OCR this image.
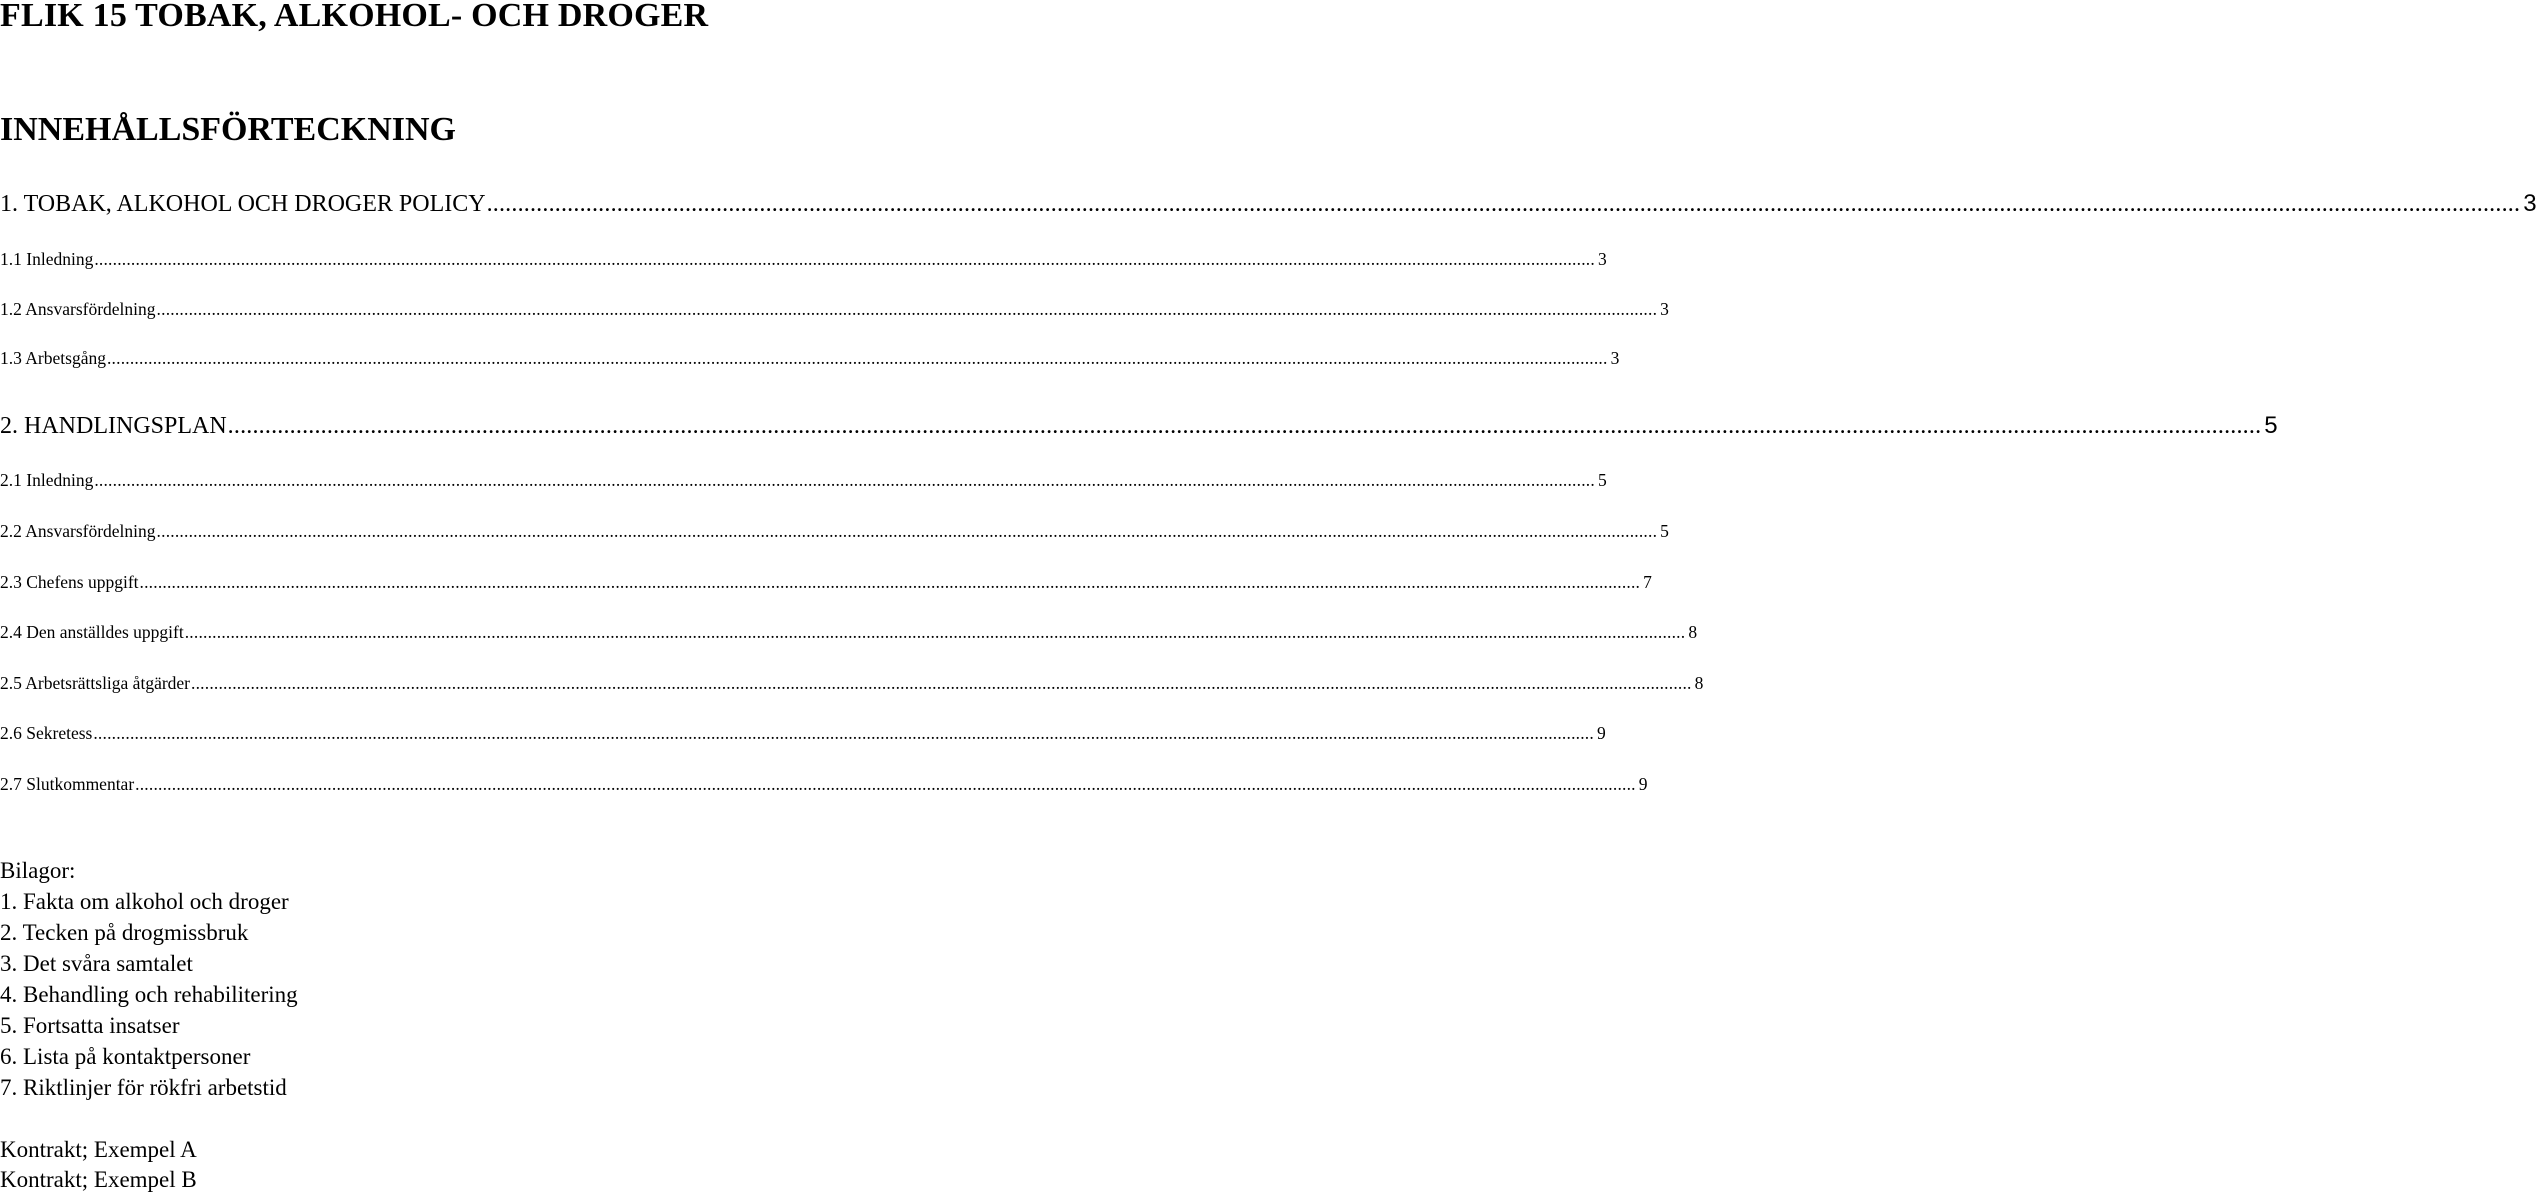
FLIK 15 TOBAK, ALKOHOL- OCH DROGER
INNEHÅLLSFÖRTECKNING
1. TOBAK, ALKOHOL OCH DROGER POLICY .....	3
1.1 Inledning .....	3
1.2 Ansvarsfördelning .....	3
1.3 Arbetsgång .....	3
2. HANDLINGSPLAN .....	5
2.1 Inledning .....	5
2.2 Ansvarsfördelning .....	5
2.3 Chefens uppgift .....	7
2.4 Den anställdes uppgift .....	8
2.5 Arbetsrättsliga åtgärder .....	8
2.6 Sekretess .....	9
2.7 Slutkommentar .....	9
Bilagor:
1. Fakta om alkohol och droger
2. Tecken på drogmissbruk
3. Det svåra samtalet
4. Behandling och rehabilitering
5. Fortsatta insatser
6. Lista på kontaktpersoner
7. Riktlinjer för rökfri arbetstid
Kontrakt; Exempel A
Kontrakt; Exempel B
